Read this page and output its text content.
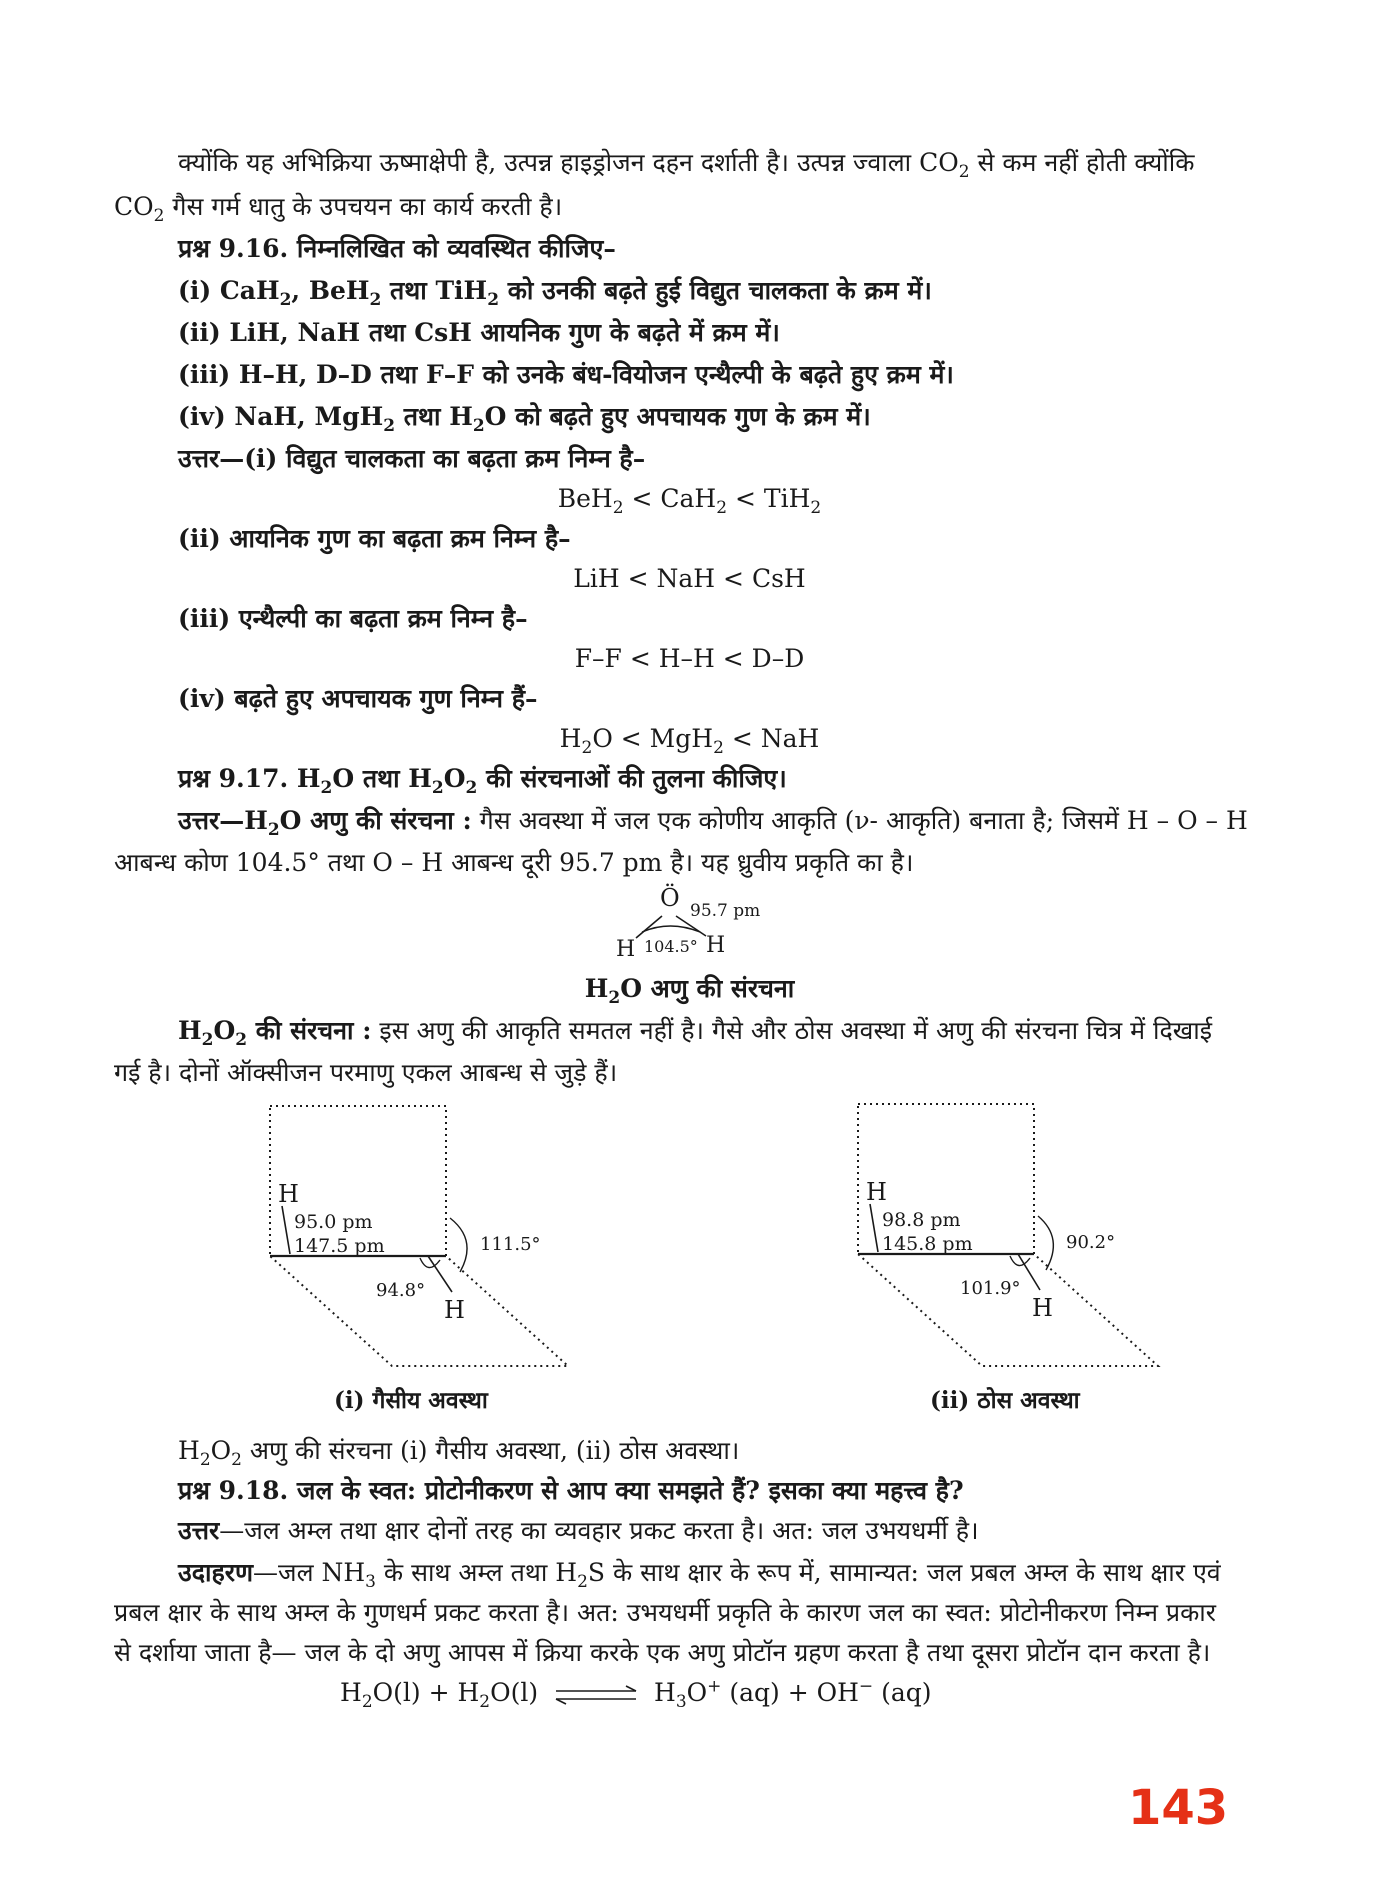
क्योंकि यह अभिक्रिया ऊष्माक्षेपी है, उत्पन्न हाइड्रोजन दहन दर्शाती है। उत्पन्न ज्वाला $CO_2$ से कम नहीं होती क्योंकि
$CO_2$ गैस गर्म धातु के उपचयन का कार्य करती है।
प्रश्न 9.16. निम्नलिखित को व्यवस्थित कीजिए–
(i) CaH$_2$, BeH$_2$ तथा TiH$_2$ को उनकी बढ़ते हुई विद्युत चालकता के क्रम में।
(ii) LiH, NaH तथा CsH आयनिक गुण के बढ़ते में क्रम में।
(iii) H–H, D–D तथा F–F को उनके बंध-वियोजन एन्थैल्पी के बढ़ते हुए क्रम में।
(iv) NaH, MgH$_2$ तथा $H_2O$ को बढ़ते हुए अपचायक गुण के क्रम में।
उत्तर—(i) विद्युत चालकता का बढ़ता क्रम निम्न है–
BeH$_2$ < CaH$_2$ < TiH$_2$
(ii) आयनिक गुण का बढ़ता क्रम निम्न है–
LiH < NaH < CsH
(iii) एन्थैल्पी का बढ़ता क्रम निम्न है–
F–F < H–H < D–D
(iv) बढ़ते हुए अपचायक गुण निम्न हैं–
$H_2O < MgH_2$ < NaH
प्रश्न 9.17. $H_2O$ तथा $H_2O_2$ की संरचनाओं की तुलना कीजिए।
$उत्तर—H_2O$ अणु की संरचना : गैस अवस्था में जल एक कोणीय आकृति (ν- आकृति) बनाता है; जिसमें H – O – H
आबन्ध कोण 104.5° तथा O – H आबन्ध दूरी 95.7 pm है। यह ध्रुवीय प्रकृति का है।
Ö 95.7 pm
H 104.5° H
$H_2O$ अणु की संरचना
$H_2O_2$ की संरचना : इस अणु की आकृति समतल नहीं है। गैसे और ठोस अवस्था में अणु की संरचना चित्र में दिखाई
गई है। दोनों ऑक्सीजन परमाणु एकल आबन्ध से जुड़े हैं।
H
95.0 pm
147.5 pm	111.5°
94.8°
H
(i) गैसीय अवस्था
H
98.8 pm
145.8 pm	90.2°
101.9°
H
(ii) ठोस अवस्था
$H_2O_2$ अणु की संरचना (i) गैसीय अवस्था, (ii) ठोस अवस्था।
प्रश्न 9.18. जल के स्वत: प्रोटोनीकरण से आप क्या समझते हैं? इसका क्या महत्त्व है?
उत्तर—जल अम्ल तथा क्षार दोनों तरह का व्यवहार प्रकट करता है। अत: जल उभयधर्मी है।
उदाहरण—जल $NH_3$ के साथ अम्ल तथा $H_2S$ के साथ क्षार के रूप में, सामान्यत: जल प्रबल अम्ल के साथ क्षार एवं
प्रबल क्षार के साथ अम्ल के गुणधर्म प्रकट करता है। अत: उभयधर्मी प्रकृति के कारण जल का स्वत: प्रोटोनीकरण निम्न प्रकार
से दर्शाया जाता है— जल के दो अणु आपस में क्रिया करके एक अणु प्रोटॉन ग्रहण करता है तथा दूसरा प्रोटॉन दान करता है।
$H_2O(l) + H_2O(l)$ ⇌ $H_3O^+$ (aq) + OH− (aq)
143
